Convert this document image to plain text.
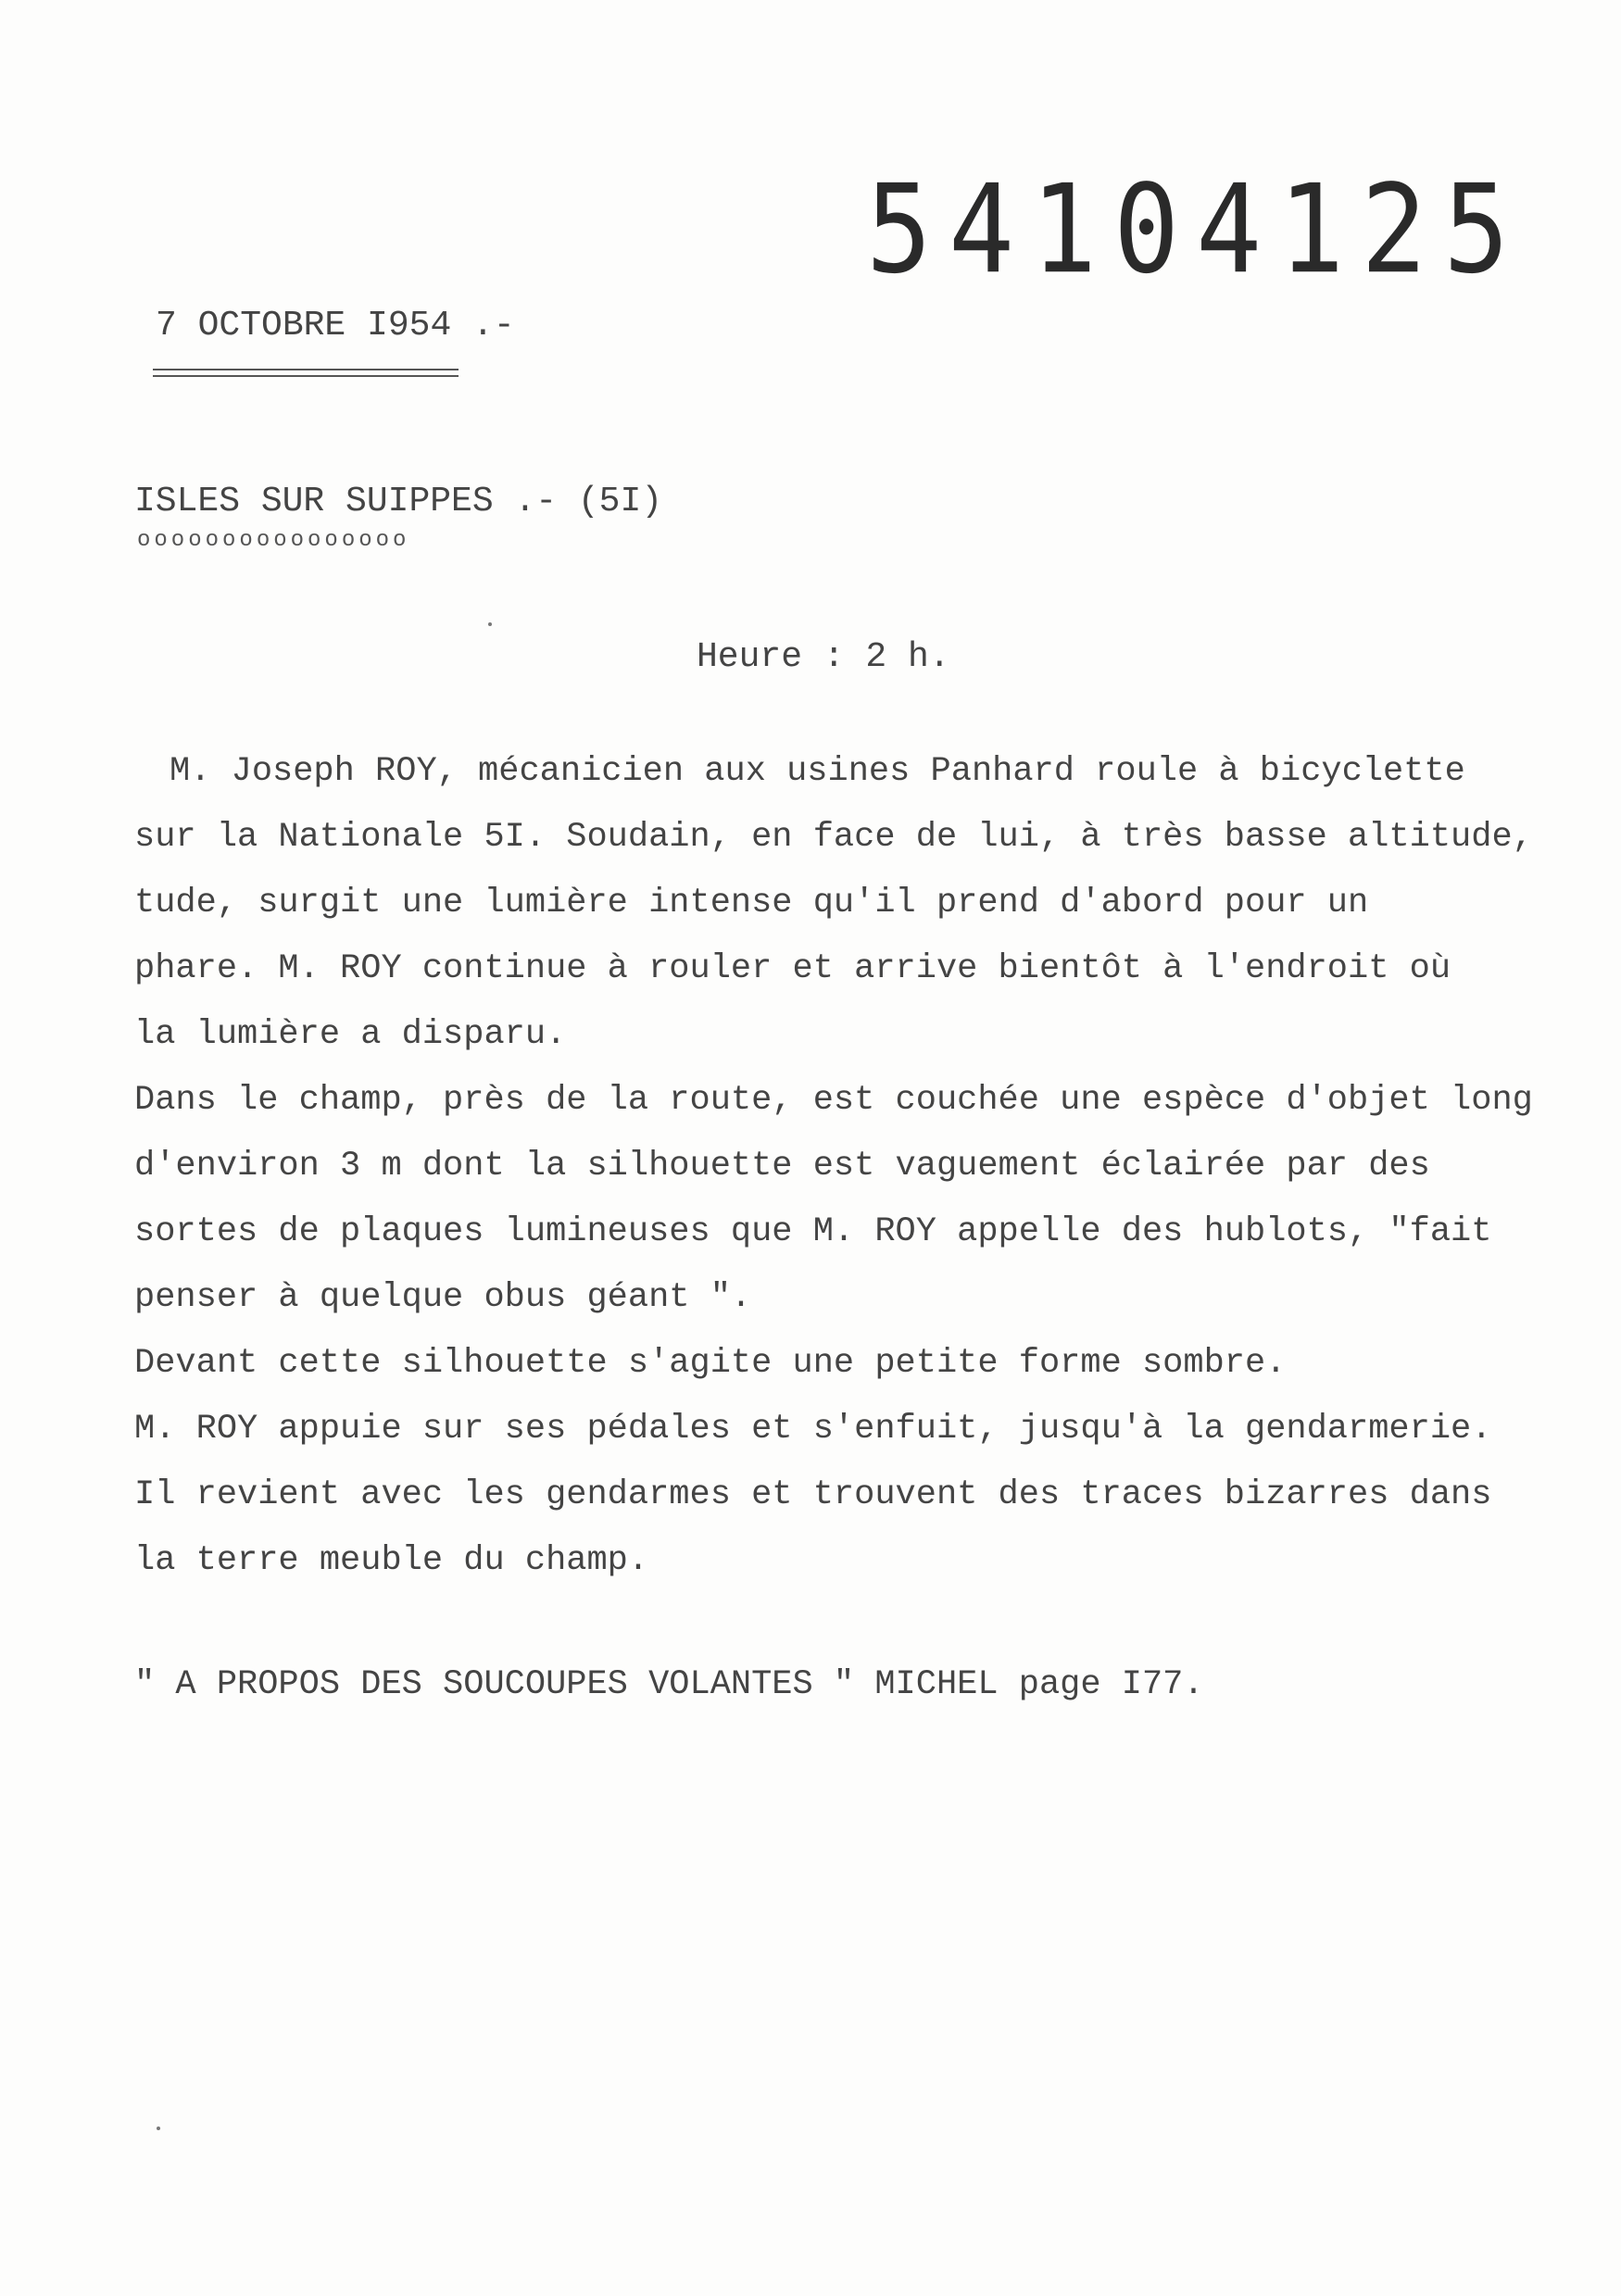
54104125
7 OCTOBRE I954 .-
ISLES SUR SUIPPES .- (5I)
oooooooooooooooo
Heure : 2 h.
M. Joseph ROY, mécanicien aux usines Panhard roule à bicyclette
sur la Nationale 5I. Soudain, en face de lui, à très basse altitude,
tude, surgit une lumière intense qu'il prend d'abord pour un
phare. M. ROY continue à rouler et arrive bientôt à l'endroit où
la lumière a disparu.
Dans le champ, près de la route, est couchée une espèce d'objet long
d'environ 3 m dont la silhouette est vaguement éclairée par des
sortes de plaques lumineuses que M. ROY appelle des hublots, "fait
penser à quelque obus géant ".
Devant cette silhouette s'agite une petite forme sombre.
M. ROY appuie sur ses pédales et s'enfuit, jusqu'à la gendarmerie.
Il revient avec les gendarmes et trouvent des traces bizarres dans
la terre meuble du champ.
" A PROPOS DES SOUCOUPES VOLANTES " MICHEL page I77.
